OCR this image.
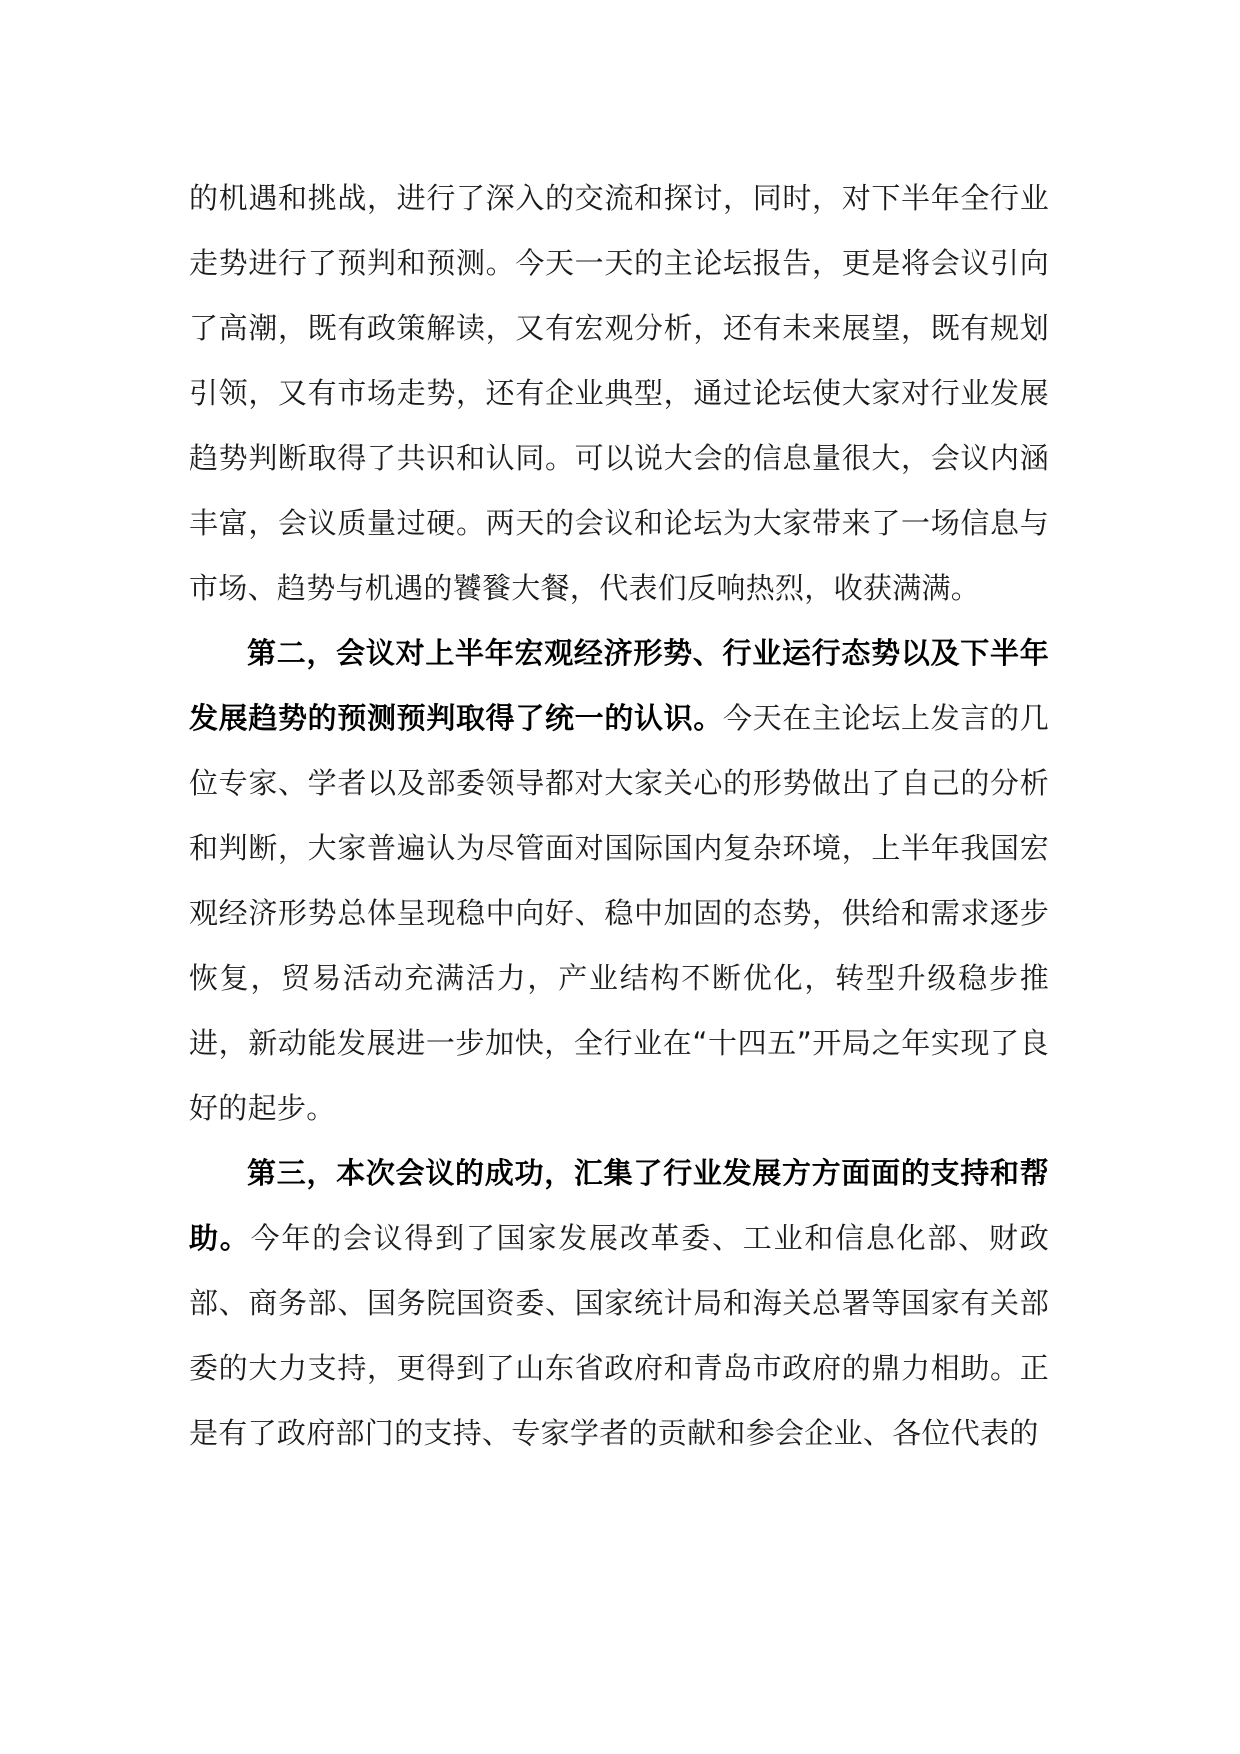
的机遇和挑战，进行了深入的交流和探讨，同时，对下半年全行业走势进行了预判和预测。今天一天的主论坛报告，更是将会议引向了高潮，既有政策解读，又有宏观分析，还有未来展望，既有规划引领，又有市场走势，还有企业典型，通过论坛使大家对行业发展趋势判断取得了共识和认同。可以说大会的信息量很大，会议内涵丰富，会议质量过硬。两天的会议和论坛为大家带来了一场信息与市场、趋势与机遇的饕餮大餐，代表们反响热烈，收获满满。

第二，会议对上半年宏观经济形势、行业运行态势以及下半年发展趋势的预测预判取得了统一的认识。今天在主论坛上发言的几位专家、学者以及部委领导都对大家关心的形势做出了自己的分析和判断，大家普遍认为尽管面对国际国内复杂环境，上半年我国宏观经济形势总体呈现稳中向好、稳中加固的态势，供给和需求逐步恢复，贸易活动充满活力，产业结构不断优化，转型升级稳步推进，新动能发展进一步加快，全行业在“十四五”开局之年实现了良好的起步。

第三，本次会议的成功，汇集了行业发展方方面面的支持和帮助。今年的会议得到了国家发展改革委、工业和信息化部、财政部、商务部、国务院国资委、国家统计局和海关总署等国家有关部委的大力支持，更得到了山东省政府和青岛市政府的鼎力相助。正是有了政府部门的支持、专家学者的贡献和参会企业、各位代表的
